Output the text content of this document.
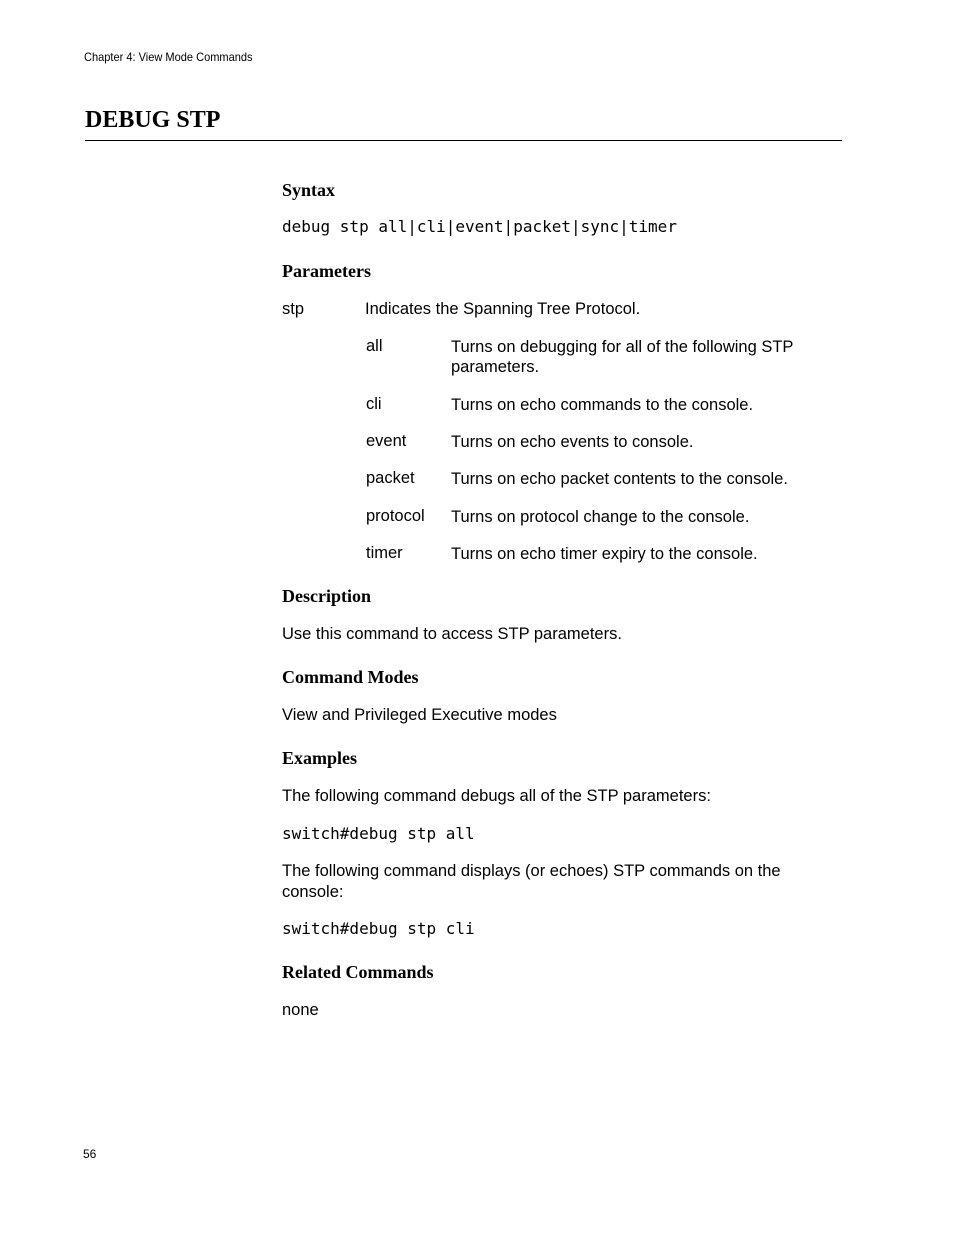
Chapter 4: View Mode Commands
DEBUG STP
Syntax
debug stp all|cli|event|packet|sync|timer
Parameters
stp	Indicates the Spanning Tree Protocol.
all	Turns on debugging for all of the following STP parameters.
cli	Turns on echo commands to the console.
event	Turns on echo events to console.
packet Turns on echo packet contents to the console.
protocol Turns on protocol change to the console.
timer	Turns on echo timer expiry to the console.
Description
Use this command to access STP parameters.
Command Modes
View and Privileged Executive modes
Examples
The following command debugs all of the STP parameters:
switch#debug stp all
The following command displays (or echoes) STP commands on the console:
switch#debug stp cli
Related Commands
none
56
